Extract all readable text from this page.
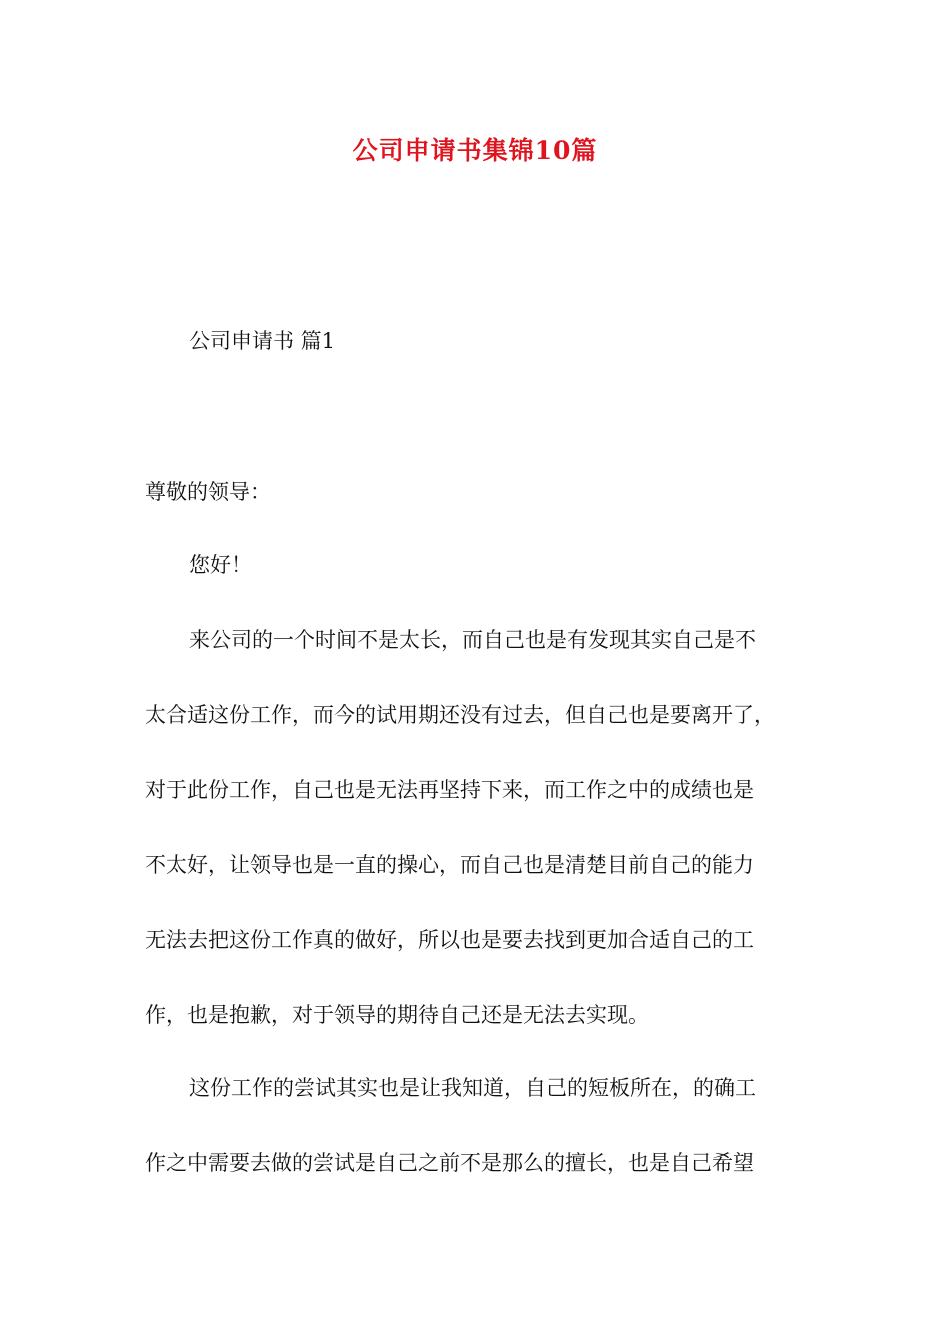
公司申请书集锦10篇
公司申请书 篇1
尊敬的领导：
您好！
来公司的一个时间不是太长，而自己也是有发现其实自己是不
太合适这份工作，而今的试用期还没有过去，但自己也是要离开了，
对于此份工作，自己也是无法再坚持下来，而工作之中的成绩也是
不太好，让领导也是一直的操心，而自己也是清楚目前自己的能力
无法去把这份工作真的做好，所以也是要去找到更加合适自己的工
作，也是抱歉，对于领导的期待自己还是无法去实现。
这份工作的尝试其实也是让我知道，自己的短板所在，的确工
作之中需要去做的尝试是自己之前不是那么的擅长，也是自己希望
